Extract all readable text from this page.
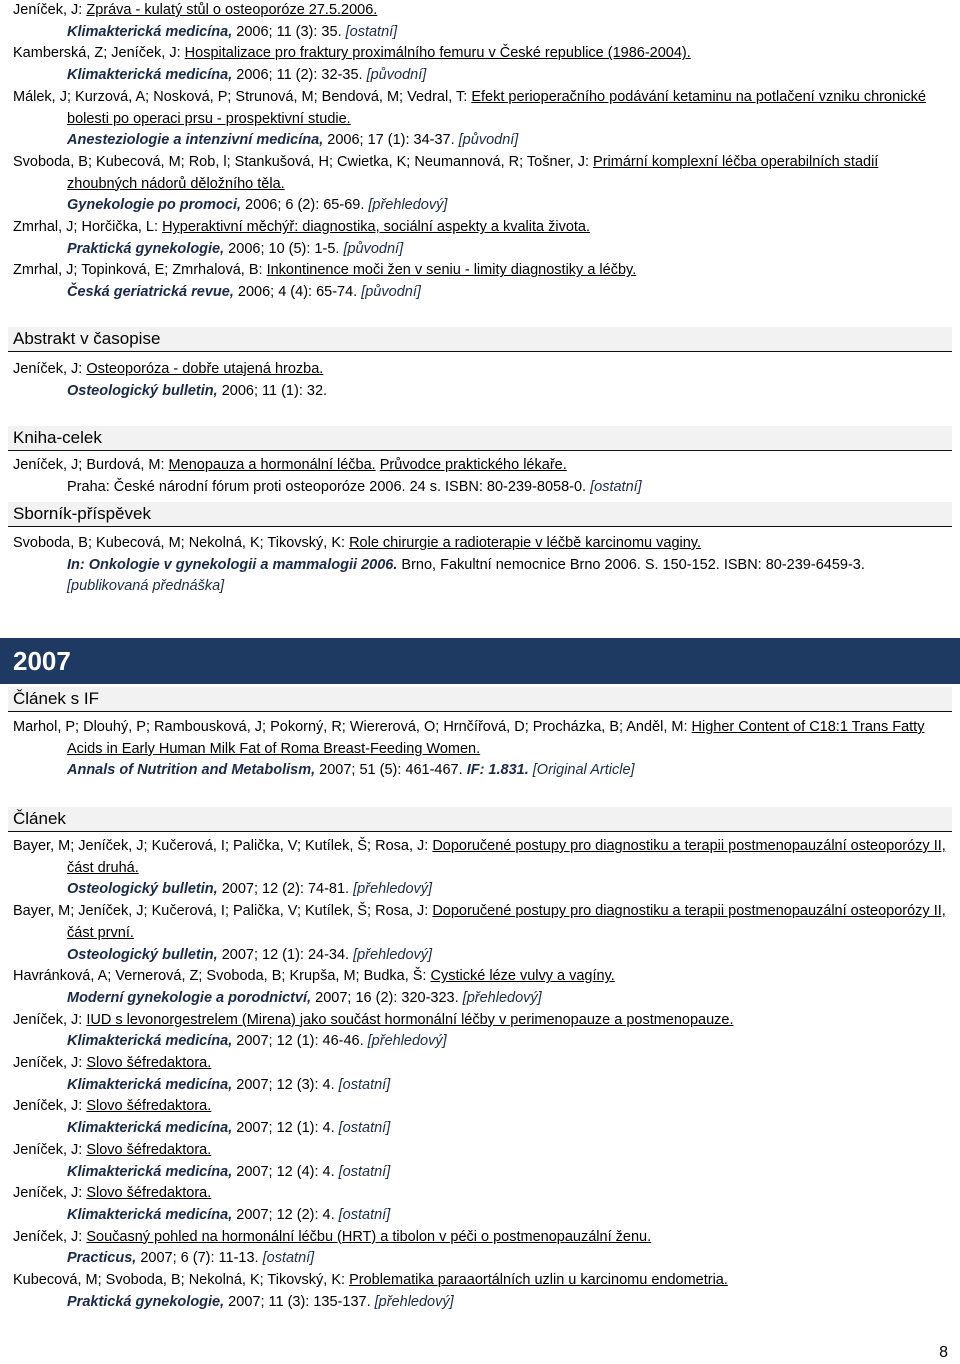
Jeníček, J: Zpráva - kulatý stůl o osteoporóze 27.5.2006.
Klimakterická medicína, 2006; 11 (3): 35. [ostatní]
Kamberská, Z; Jeníček, J: Hospitalizace pro fraktury proximálního femuru v České republice (1986-2004).
Klimakterická medicína, 2006; 11 (2): 32-35. [původní]
Málek, J; Kurzová, A; Nosková, P; Strunová, M; Bendová, M; Vedral, T: Efekt perioperačního podávání ketaminu na potlačení vzniku chronické bolesti po operaci prsu - prospektivní studie.
Anesteziologie a intenzivní medicína, 2006; 17 (1): 34-37. [původní]
Svoboda, B; Kubecová, M; Rob, l; Stankušová, H; Cwietka, K; Neumannová, R; Tošner, J: Primární komplexní léčba operabilních stadií zhoubných nádorů děložního těla.
Gynekologie po promoci, 2006; 6 (2): 65-69. [přehledový]
Zmrhal, J; Horčička, L: Hyperaktivní měchýř: diagnostika, sociální aspekty a kvalita života.
Praktická gynekologie, 2006; 10 (5): 1-5. [původní]
Zmrhal, J; Topinková, E; Zmrhalová, B: Inkontinence moči žen v seniu - limity diagnostiky a léčby.
Česká geriatrická revue, 2006; 4 (4): 65-74. [původní]
Abstrakt v časopise
Jeníček, J: Osteoporóza - dobře utajená hrozba.
Osteologický bulletin, 2006; 11 (1): 32.
Kniha-celek
Jeníček, J; Burdová, M: Menopauza a hormonální léčba. Průvodce praktického lékaře.
Praha: České národní fórum proti osteoporóze 2006. 24 s. ISBN: 80-239-8058-0. [ostatní]
Sborník-příspěvek
Svoboda, B; Kubecová, M; Nekolná, K; Tikovský, K: Role chirurgie a radioterapie v léčbě karcinomu vaginy.
In: Onkologie v gynekologii a mammalogii 2006. Brno, Fakultní nemocnice Brno 2006. S. 150-152. ISBN: 80-239-6459-3.
[publikovaná přednáška]
2007
Článek s IF
Marhol, P; Dlouhý, P; Rambousková, J; Pokorný, R; Wiererová, O; Hrnčířová, D; Procházka, B; Anděl, M: Higher Content of C18:1 Trans Fatty Acids in Early Human Milk Fat of Roma Breast-Feeding Women.
Annals of Nutrition and Metabolism, 2007; 51 (5): 461-467. IF: 1.831. [Original Article]
Článek
Bayer, M; Jeníček, J; Kučerová, I; Palička, V; Kutílek, Š; Rosa, J: Doporučené postupy pro diagnostiku a terapii postmenopauzální osteoporózy II, část druhá.
Osteologický bulletin, 2007; 12 (2): 74-81. [přehledový]
Bayer, M; Jeníček, J; Kučerová, I; Palička, V; Kutílek, Š; Rosa, J: Doporučené postupy pro diagnostiku a terapii postmenopauzální osteoporózy II, část první.
Osteologický bulletin, 2007; 12 (1): 24-34. [přehledový]
Havránková, A; Vernerová, Z; Svoboda, B; Krupša, M; Budka, Š: Cystické léze vulvy a vagíny.
Moderní gynekologie a porodnictví, 2007; 16 (2): 320-323. [přehledový]
Jeníček, J: IUD s levonorgestrelem (Mirena) jako součást hormonální léčby v perimenopauze a postmenopauze.
Klimakterická medicína, 2007; 12 (1): 46-46. [přehledový]
Jeníček, J: Slovo šéfredaktora.
Klimakterická medicína, 2007; 12 (3): 4. [ostatní]
Jeníček, J: Slovo šéfredaktora.
Klimakterická medicína, 2007; 12 (1): 4. [ostatní]
Jeníček, J: Slovo šéfredaktora.
Klimakterická medicína, 2007; 12 (4): 4. [ostatní]
Jeníček, J: Slovo šéfredaktora.
Klimakterická medicína, 2007; 12 (2): 4. [ostatní]
Jeníček, J: Současný pohled na hormonální léčbu (HRT) a tibolon v péči o postmenopauzální ženu.
Practicus, 2007; 6 (7): 11-13. [ostatní]
Kubecová, M; Svoboda, B; Nekolná, K; Tikovský, K: Problematika paraaortálních uzlin u karcinomu endometria.
Praktická gynekologie, 2007; 11 (3): 135-137. [přehledový]
8
